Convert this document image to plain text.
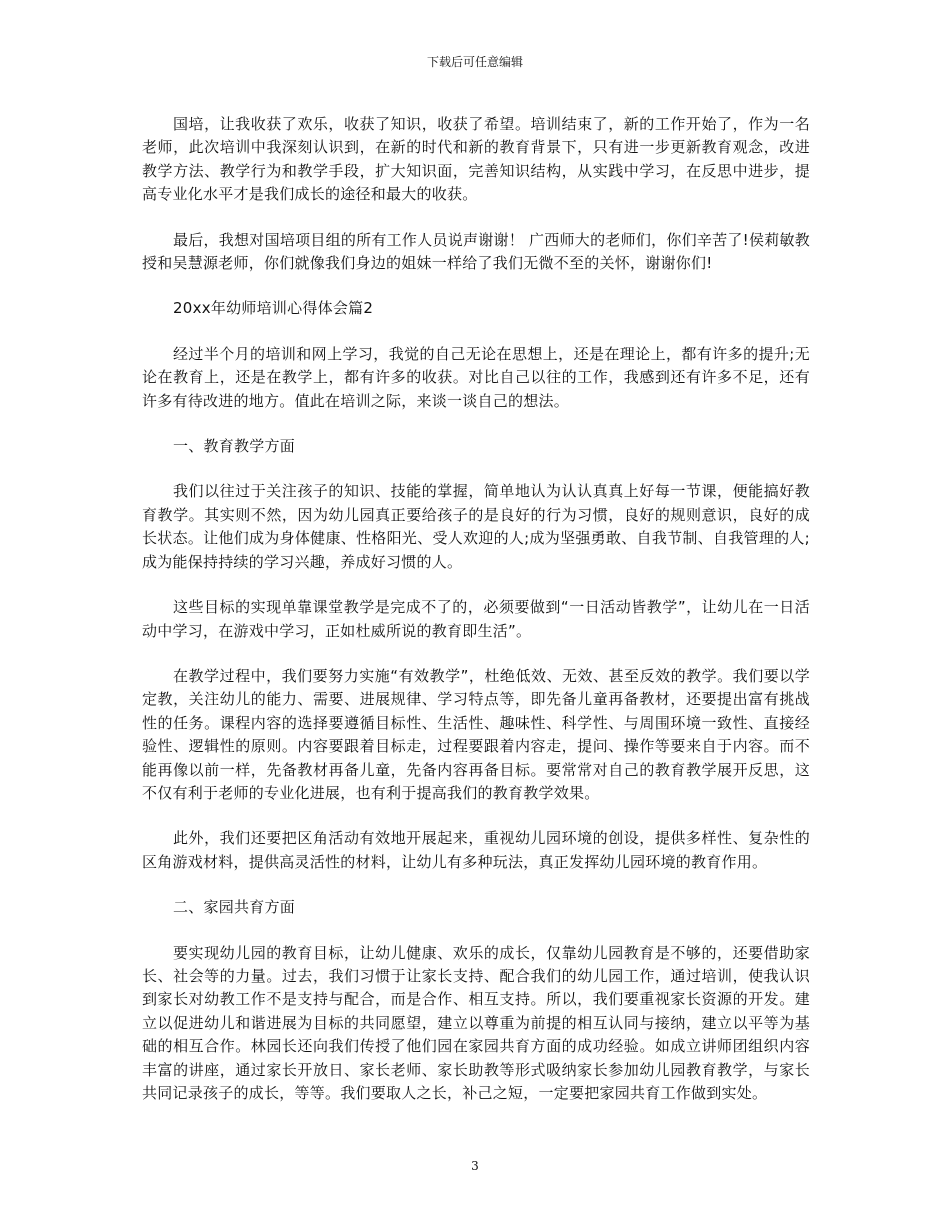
下载后可任意编辑

国培，让我收获了欢乐，收获了知识，收获了希望。培训结束了，新的工作开始了，作为一名老师，此次培训中我深刻认识到，在新的时代和新的教育背景下，只有进一步更新教育观念，改进教学方法、教学行为和教学手段，扩大知识面，完善知识结构，从实践中学习，在反思中进步，提高专业化水平才是我们成长的途径和最大的收获。

最后，我想对国培项目组的所有工作人员说声谢谢！ 广西师大的老师们，你们辛苦了!侯莉敏教授和吴慧源老师，你们就像我们身边的姐妹一样给了我们无微不至的关怀，谢谢你们!

20xx年幼师培训心得体会篇2

经过半个月的培训和网上学习，我觉的自己无论在思想上，还是在理论上，都有许多的提升;无论在教育上，还是在教学上，都有许多的收获。对比自己以往的工作，我感到还有许多不足，还有许多有待改进的地方。值此在培训之际，来谈一谈自己的想法。

一、教育教学方面

我们以往过于关注孩子的知识、技能的掌握，简单地认为认认真真上好每一节课，便能搞好教育教学。其实则不然，因为幼儿园真正要给孩子的是良好的行为习惯，良好的规则意识，良好的成长状态。让他们成为身体健康、性格阳光、受人欢迎的人;成为坚强勇敢、自我节制、自我管理的人;成为能保持持续的学习兴趣，养成好习惯的人。

这些目标的实现单靠课堂教学是完成不了的，必须要做到“一日活动皆教学”，让幼儿在一日活动中学习，在游戏中学习，正如杜威所说的教育即生活”。

在教学过程中，我们要努力实施“有效教学”，杜绝低效、无效、甚至反效的教学。我们要以学定教，关注幼儿的能力、需要、进展规律、学习特点等，即先备儿童再备教材，还要提出富有挑战性的任务。课程内容的选择要遵循目标性、生活性、趣味性、科学性、与周围环境一致性、直接经验性、逻辑性的原则。内容要跟着目标走，过程要跟着内容走，提问、操作等要来自于内容。而不能再像以前一样，先备教材再备儿童，先备内容再备目标。要常常对自己的教育教学展开反思，这不仅有利于老师的专业化进展，也有利于提高我们的教育教学效果。

此外，我们还要把区角活动有效地开展起来，重视幼儿园环境的创设，提供多样性、复杂性的区角游戏材料，提供高灵活性的材料，让幼儿有多种玩法，真正发挥幼儿园环境的教育作用。

二、家园共育方面

要实现幼儿园的教育目标，让幼儿健康、欢乐的成长，仅靠幼儿园教育是不够的，还要借助家长、社会等的力量。过去，我们习惯于让家长支持、配合我们的幼儿园工作，通过培训，使我认识到家长对幼教工作不是支持与配合，而是合作、相互支持。所以，我们要重视家长资源的开发。建立以促进幼儿和谐进展为目标的共同愿望，建立以尊重为前提的相互认同与接纳，建立以平等为基础的相互合作。林园长还向我们传授了他们园在家园共育方面的成功经验。如成立讲师团组织内容丰富的讲座，通过家长开放日、家长老师、家长助教等形式吸纳家长参加幼儿园教育教学，与家长共同记录孩子的成长，等等。我们要取人之长，补己之短，一定要把家园共育工作做到实处。

3
